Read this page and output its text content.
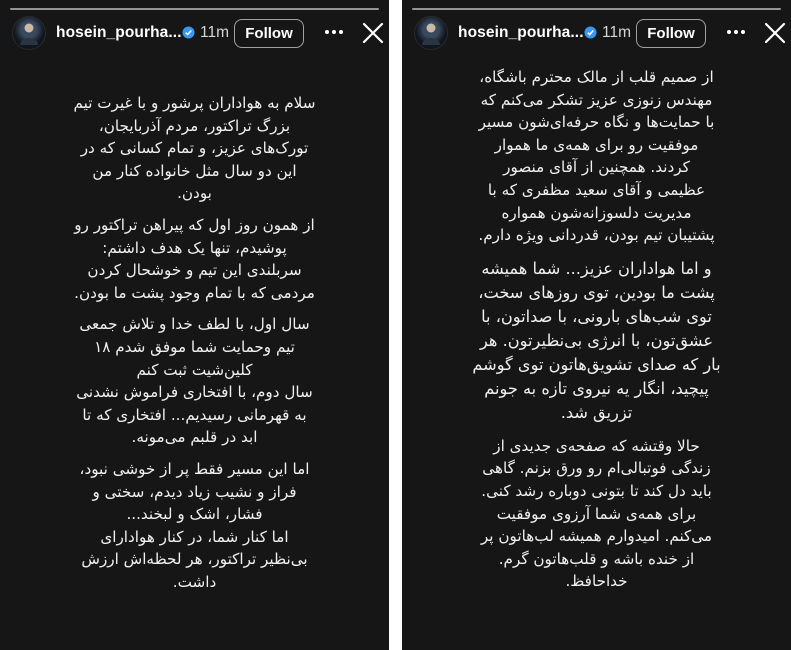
hosein_pourha... 11m	Follow

سلام به هواداران پرشور و با غیرت تیم
بزرگ تراکتور، مردم آذربایجان،
تورک‌های عزیز، و تمام کسانی که در
این دو سال مثل خانواده کنار من
بودن.

از همون روز اول که پیراهن تراکتور رو
پوشیدم، تنها یک هدف داشتم:
سربلندی این تیم و خوشحال کردن
مردمی که با تمام وجود پشت ما بودن.

سال اول، با لطف خدا و تلاش جمعی
تیم وحمایت شما موفق شدم ۱۸
کلین‌شیت ثبت کنم
سال دوم، با افتخاری فراموش نشدنی
به قهرمانی رسیدیم... افتخاری که تا
ابد در قلبم می‌مونه.

اما این مسیر فقط پر از خوشی نبود،
فراز و نشیب زیاد دیدم، سختی و
فشار، اشک و لبخند...
اما کنار شما، در کنار هوادارای
بی‌نظیر تراکتور، هر لحظه‌اش ارزش
داشت.

hosein_pourha... 11m	Follow

از صمیم قلب از مالک محترم باشگاه،
مهندس زنوزی عزیز تشکر می‌کنم که
با حمایت‌ها و نگاه حرفه‌ای‌شون مسیر
موفقیت رو برای همه‌ی ما هموار
کردند. همچنین از آقای منصور
عظیمی و آقای سعید مظفری که با
مدیریت دلسوزانه‌شون همواره
پشتیبان تیم بودن، قدردانی ویژه دارم.

و اما هواداران عزیز... شما همیشه
پشت ما بودین، توی روزهای سخت،
توی شب‌های بارونی، با صداتون، با
عشق‌تون، با انرژی بی‌نظیرتون. هر
بار که صدای تشویق‌هاتون توی گوشم
پیچید، انگار یه نیروی تازه به جونم
تزریق شد.

حالا وقتشه که صفحه‌ی جدیدی از
زندگی فوتبالی‌ام رو ورق بزنم. گاهی
باید دل کند تا بتونی دوباره رشد کنی.
برای همه‌ی شما آرزوی موفقیت
می‌کنم. امیدوارم همیشه لب‌هاتون پر
از خنده باشه و قلب‌هاتون گرم.
خداحافظ.
